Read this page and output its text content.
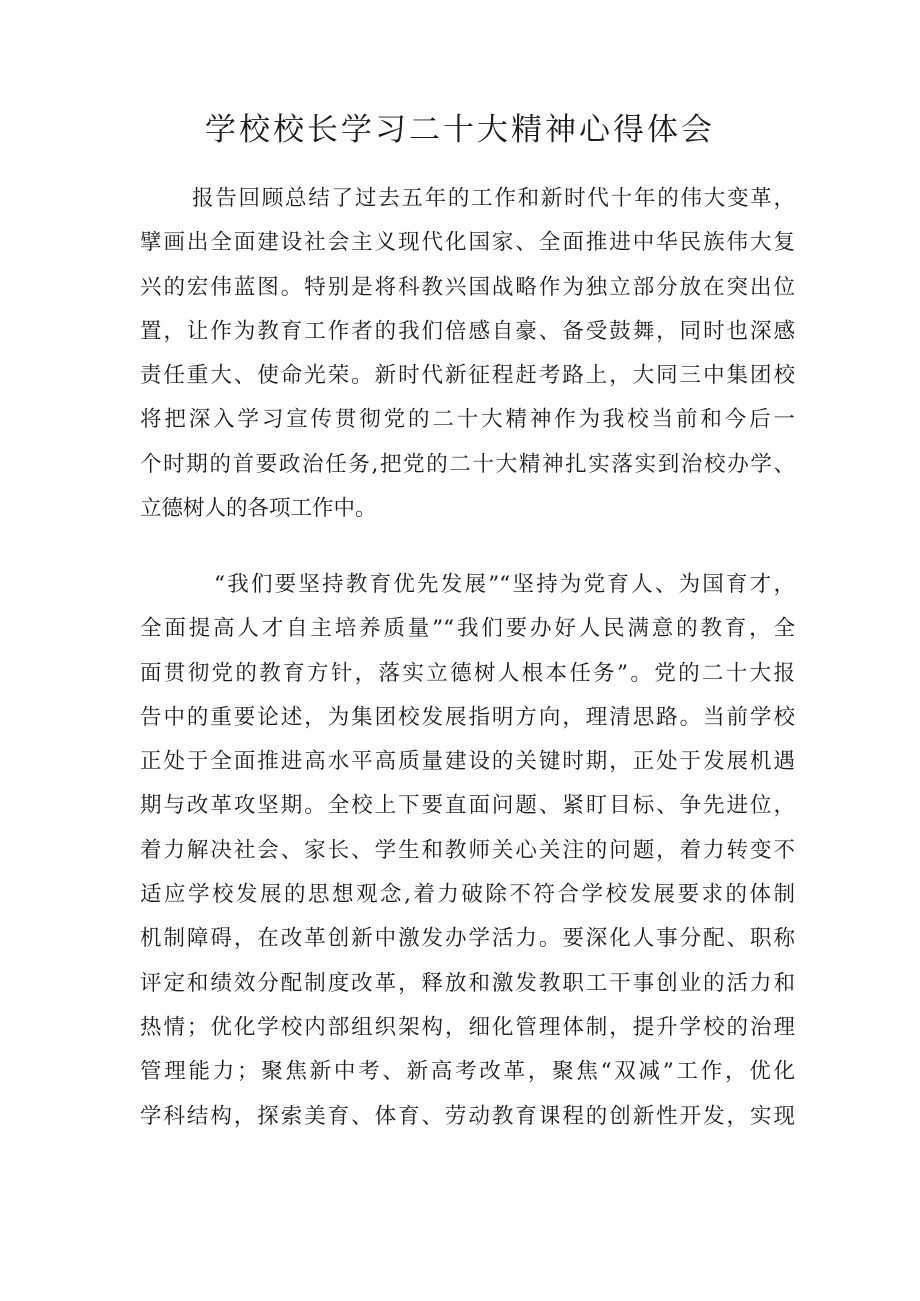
学校校长学习二十大精神心得体会
报告回顾总结了过去五年的工作和新时代十年的伟大变革，
擘画出全面建设社会主义现代化国家、全面推进中华民族伟大复
兴的宏伟蓝图。特别是将科教兴国战略作为独立部分放在突出位
置，让作为教育工作者的我们倍感自豪、备受鼓舞，同时也深感
责任重大、使命光荣。新时代新征程赶考路上，大同三中集团校
将把深入学习宣传贯彻党的二十大精神作为我校当前和今后一
个时期的首要政治任务,把党的二十大精神扎实落实到治校办学、
立德树人的各项工作中。
“我们要坚持教育优先发展”“坚持为党育人、为国育才，
全面提高人才自主培养质量”“我们要办好人民满意的教育，全
面贯彻党的教育方针，落实立德树人根本任务”。党的二十大报
告中的重要论述，为集团校发展指明方向，理清思路。当前学校
正处于全面推进高水平高质量建设的关键时期，正处于发展机遇
期与改革攻坚期。全校上下要直面问题、紧盯目标、争先进位，
着力解决社会、家长、学生和教师关心关注的问题，着力转变不
适应学校发展的思想观念,着力破除不符合学校发展要求的体制
机制障碍，在改革创新中激发办学活力。要深化人事分配、职称
评定和绩效分配制度改革，释放和激发教职工干事创业的活力和
热情；优化学校内部组织架构，细化管理体制，提升学校的治理
管理能力；聚焦新中考、新高考改革，聚焦“双减”工作，优化
学科结构，探索美育、体育、劳动教育课程的创新性开发，实现
